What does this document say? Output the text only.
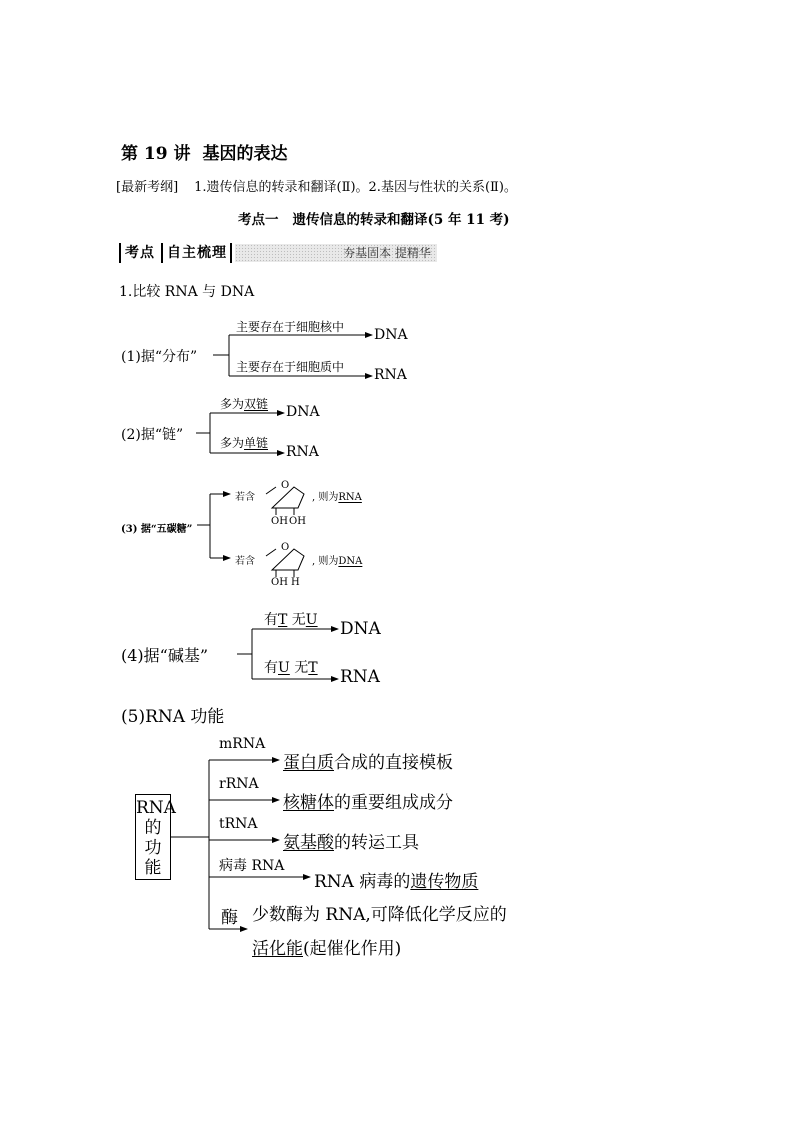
第 19 讲 基因的表达
[最新考纲] 1.遗传信息的转录和翻译(Ⅱ)。2.基因与性状的关系(Ⅱ)。
考点一 遗传信息的转录和翻译(5 年 11 考)
考点 自主梳理	夯基固本 提精华
1.比较 RNA 与 DNA
(1)据“分布”
主要存在于细胞核中 DNA
主要存在于细胞质中 RNA
(2)据“链”
多为双链 DNA
多为单链
RNA
(3) 据“五碳糖”
若含
O
, 则为RNA
OH OH
若含
O
, 则为DNA
OH H
(4)据“碱基”
有T 无U DNA
有U 无T RNA
(5)RNA 功能
RNA
的
功
能
mRNA
蛋白质合成的直接模板
rRNA
核糖体的重要组成成分
tRNA
氨基酸的转运工具
病毒 RNA
RNA 病毒的遗传物质
酶 少数酶为 RNA,可降低化学反应的
活化能(起催化作用)
